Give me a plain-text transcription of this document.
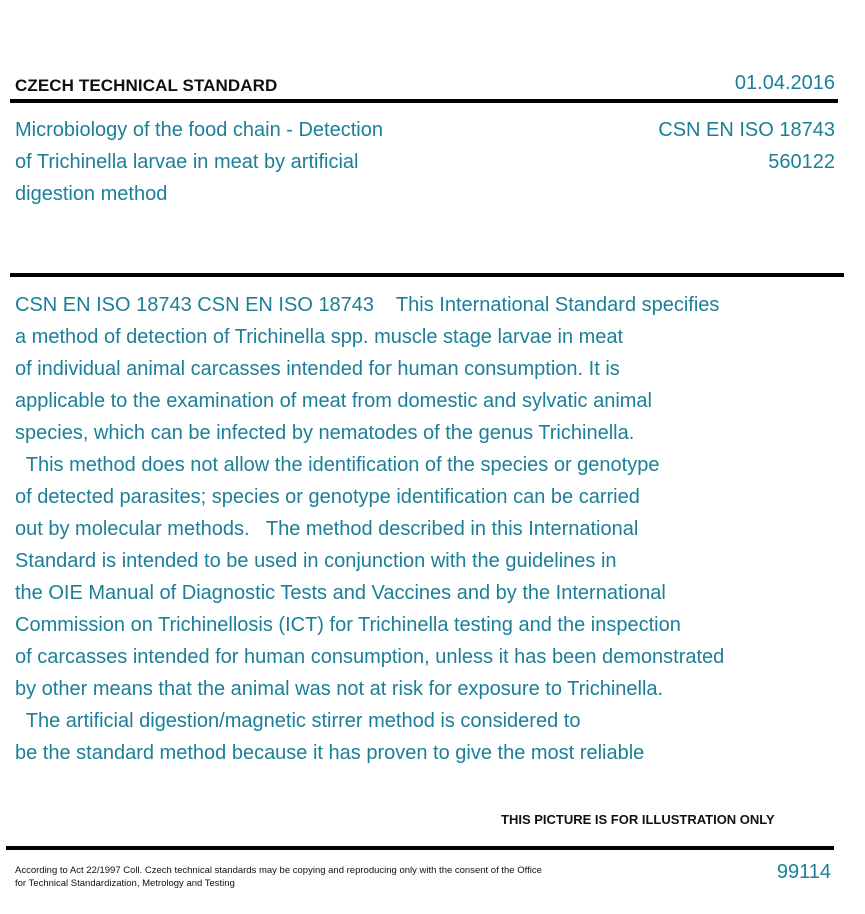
CZECH TECHNICAL STANDARD	01.04.2016
Microbiology of the food chain - Detection
of Trichinella larvae in meat by artificial
digestion method
CSN EN ISO 18743
560122
CSN EN ISO 18743 CSN EN ISO 18743    This International Standard specifies
a method of detection of Trichinella spp. muscle stage larvae in meat
of individual animal carcasses intended for human consumption. It is
applicable to the examination of meat from domestic and sylvatic animal
species, which can be infected by nematodes of the genus Trichinella.
This method does not allow the identification of the species or genotype
of detected parasites; species or genotype identification can be carried
out by molecular methods.   The method described in this International
Standard is intended to be used in conjunction with the guidelines in
the OIE Manual of Diagnostic Tests and Vaccines and by the International
Commission on Trichinellosis (ICT) for Trichinella testing and the inspection
of carcasses intended for human consumption, unless it has been demonstrated
by other means that the animal was not at risk for exposure to Trichinella.
The artificial digestion/magnetic stirrer method is considered to
be the standard method because it has proven to give the most reliable
THIS PICTURE IS FOR ILLUSTRATION ONLY
According to Act 22/1997 Coll. Czech technical standards may be copying and reproducing only with the consent of the Office
for Technical Standardization, Metrology and Testing
99114
